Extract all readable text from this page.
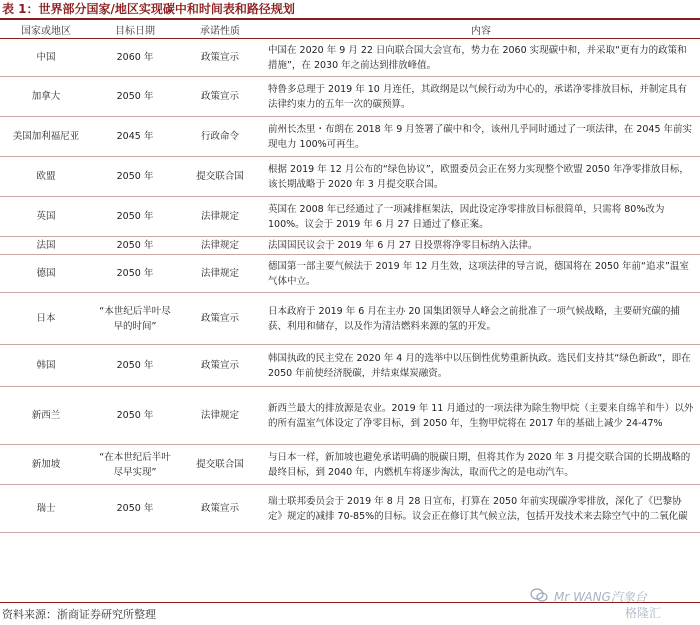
表 1：世界部分国家/地区实现碳中和时间表和路径规划
国家或地区	目标日期	承诺性质	内容
中国	2060 年	政策宣示	中国在 2020 年 9 月 22 日向联合国大会宣布，势力在 2060 实现碳中和，并采取“更有力的政策和措施”，在 2030 年之前达到排放峰值。
加拿大	2050 年	政策宣示	特鲁多总理于 2019 年 10 月连任，其政纲是以气候行动为中心的，承诺净零排放目标，并制定具有法律约束力的五年一次的碳预算。
美国加利福尼亚	2045 年	行政命令	前州长杰里・布朗在 2018 年 9 月签署了碳中和令，该州几乎同时通过了一项法律，在 2045 年前实现电力 100%可再生。
欧盟	2050 年	提交联合国	根据 2019 年 12 月公布的“绿色协议”，欧盟委员会正在努力实现整个欧盟 2050 年净零排放目标，该长期战略于 2020 年 3 月提交联合国。
英国	2050 年	法律规定	英国在 2008 年已经通过了一项减排框架法，因此设定净零排放目标很简单，只需将 80%改为 100%。议会于 2019 年 6 月 27 日通过了修正案。
法国	2050 年	法律规定	法国国民议会于 2019 年 6 月 27 日投票将净零目标纳入法律。
德国	2050 年	法律规定	德国第一部主要气候法于 2019 年 12 月生效，这项法律的导言说，德国将在 2050 年前“追求”温室气体中立。
日本	“本世纪后半叶尽早的时间”	政策宣示	日本政府于 2019 年 6 月在主办 20 国集团领导人峰会之前批准了一项气候战略，主要研究碳的捕获、利用和储存，以及作为清洁燃料来源的氢的开发。
韩国	2050 年	政策宣示	韩国执政的民主党在 2020 年 4 月的选举中以压倒性优势重新执政。选民们支持其“绿色新政”，即在 2050 年前使经济脱碳，并结束煤炭融资。
新西兰	2050 年	法律规定	新西兰最大的排放源是农业。2019 年 11 月通过的一项法律为除生物甲烷（主要来自绵羊和牛）以外的所有温室气体设定了净零目标，到 2050 年，生物甲烷将在 2017 年的基础上减少 24-47%
新加坡	“在本世纪后半叶尽早实现”	提交联合国	与日本一样，新加坡也避免承诺明确的脱碳日期，但将其作为 2020 年 3 月提交联合国的长期战略的最终目标，到 2040 年，内燃机车将逐步淘汰，取而代之的是电动汽车。
瑞士	2050 年	政策宣示	瑞士联邦委员会于 2019 年 8 月 28 日宣布，打算在 2050 年前实现碳净零排放，深化了《巴黎协定》规定的减排 70-85%的目标。议会正在修订其气候立法，包括开发技术来去除空气中的二氧化碳
资料来源：浙商证券研究所整理
Mr WANG汽象台
格隆汇
